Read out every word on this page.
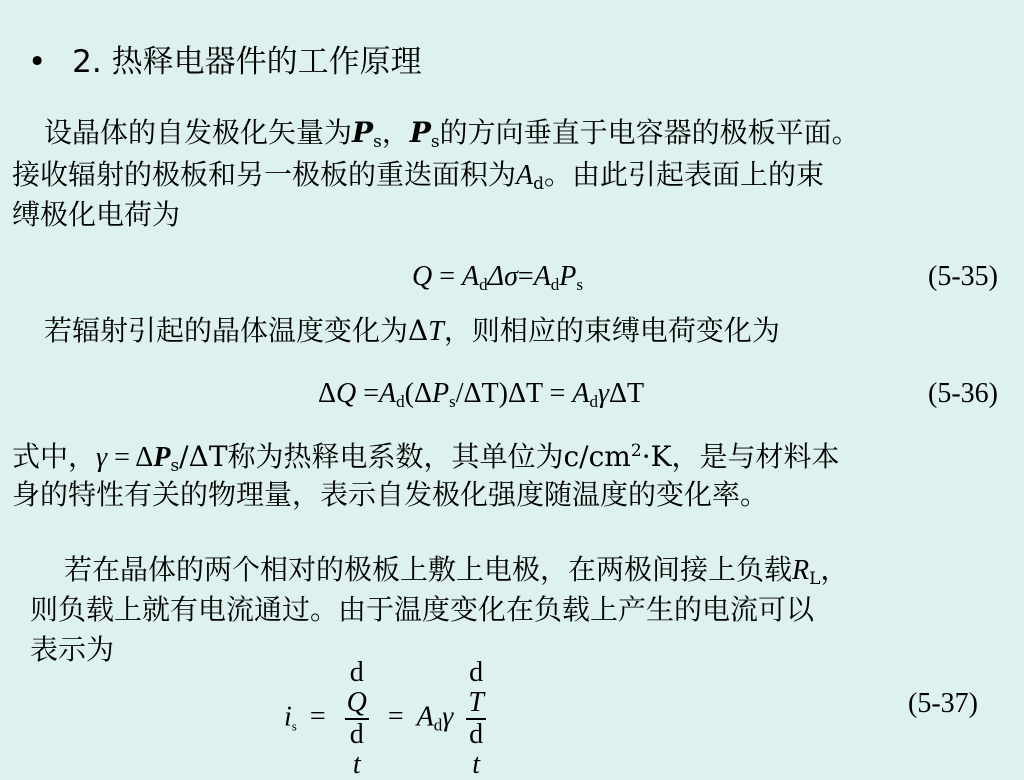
• 2. 热释电器件的工作原理
设晶体的自发极化矢量为$P_s$，$P_s$的方向垂直于电容器的极板平面。
接收辐射的极板和另一极板的重迭面积为$A_d$。由此引起表面上的束
缚极化电荷为
$Q = A_d\Delta\sigma=A_dP_s$	(5-35)
若辐射引起的晶体温度变化为ΔT，则相应的束缚电荷变化为
$\Delta Q =A_d(\Delta P_s/\Delta T)\Delta T = A_d\gamma\Delta T$	(5-36)
式中，$\gamma = \Delta P_s/\Delta T$称为热释电系数，其单位为$c/cm^2\cdot K$，是与材料本
身的特性有关的物理量，表示自发极化强度随温度的变化率。
若在晶体的两个相对的极板上敷上电极，在两极间接上负载$R_L$，
则负载上就有电流通过。由于温度变化在负载上产生的电流可以
表示为
$i_s = d$
Q
d
$t = A_d\gamma$ d
T
d
t	(5-37)
